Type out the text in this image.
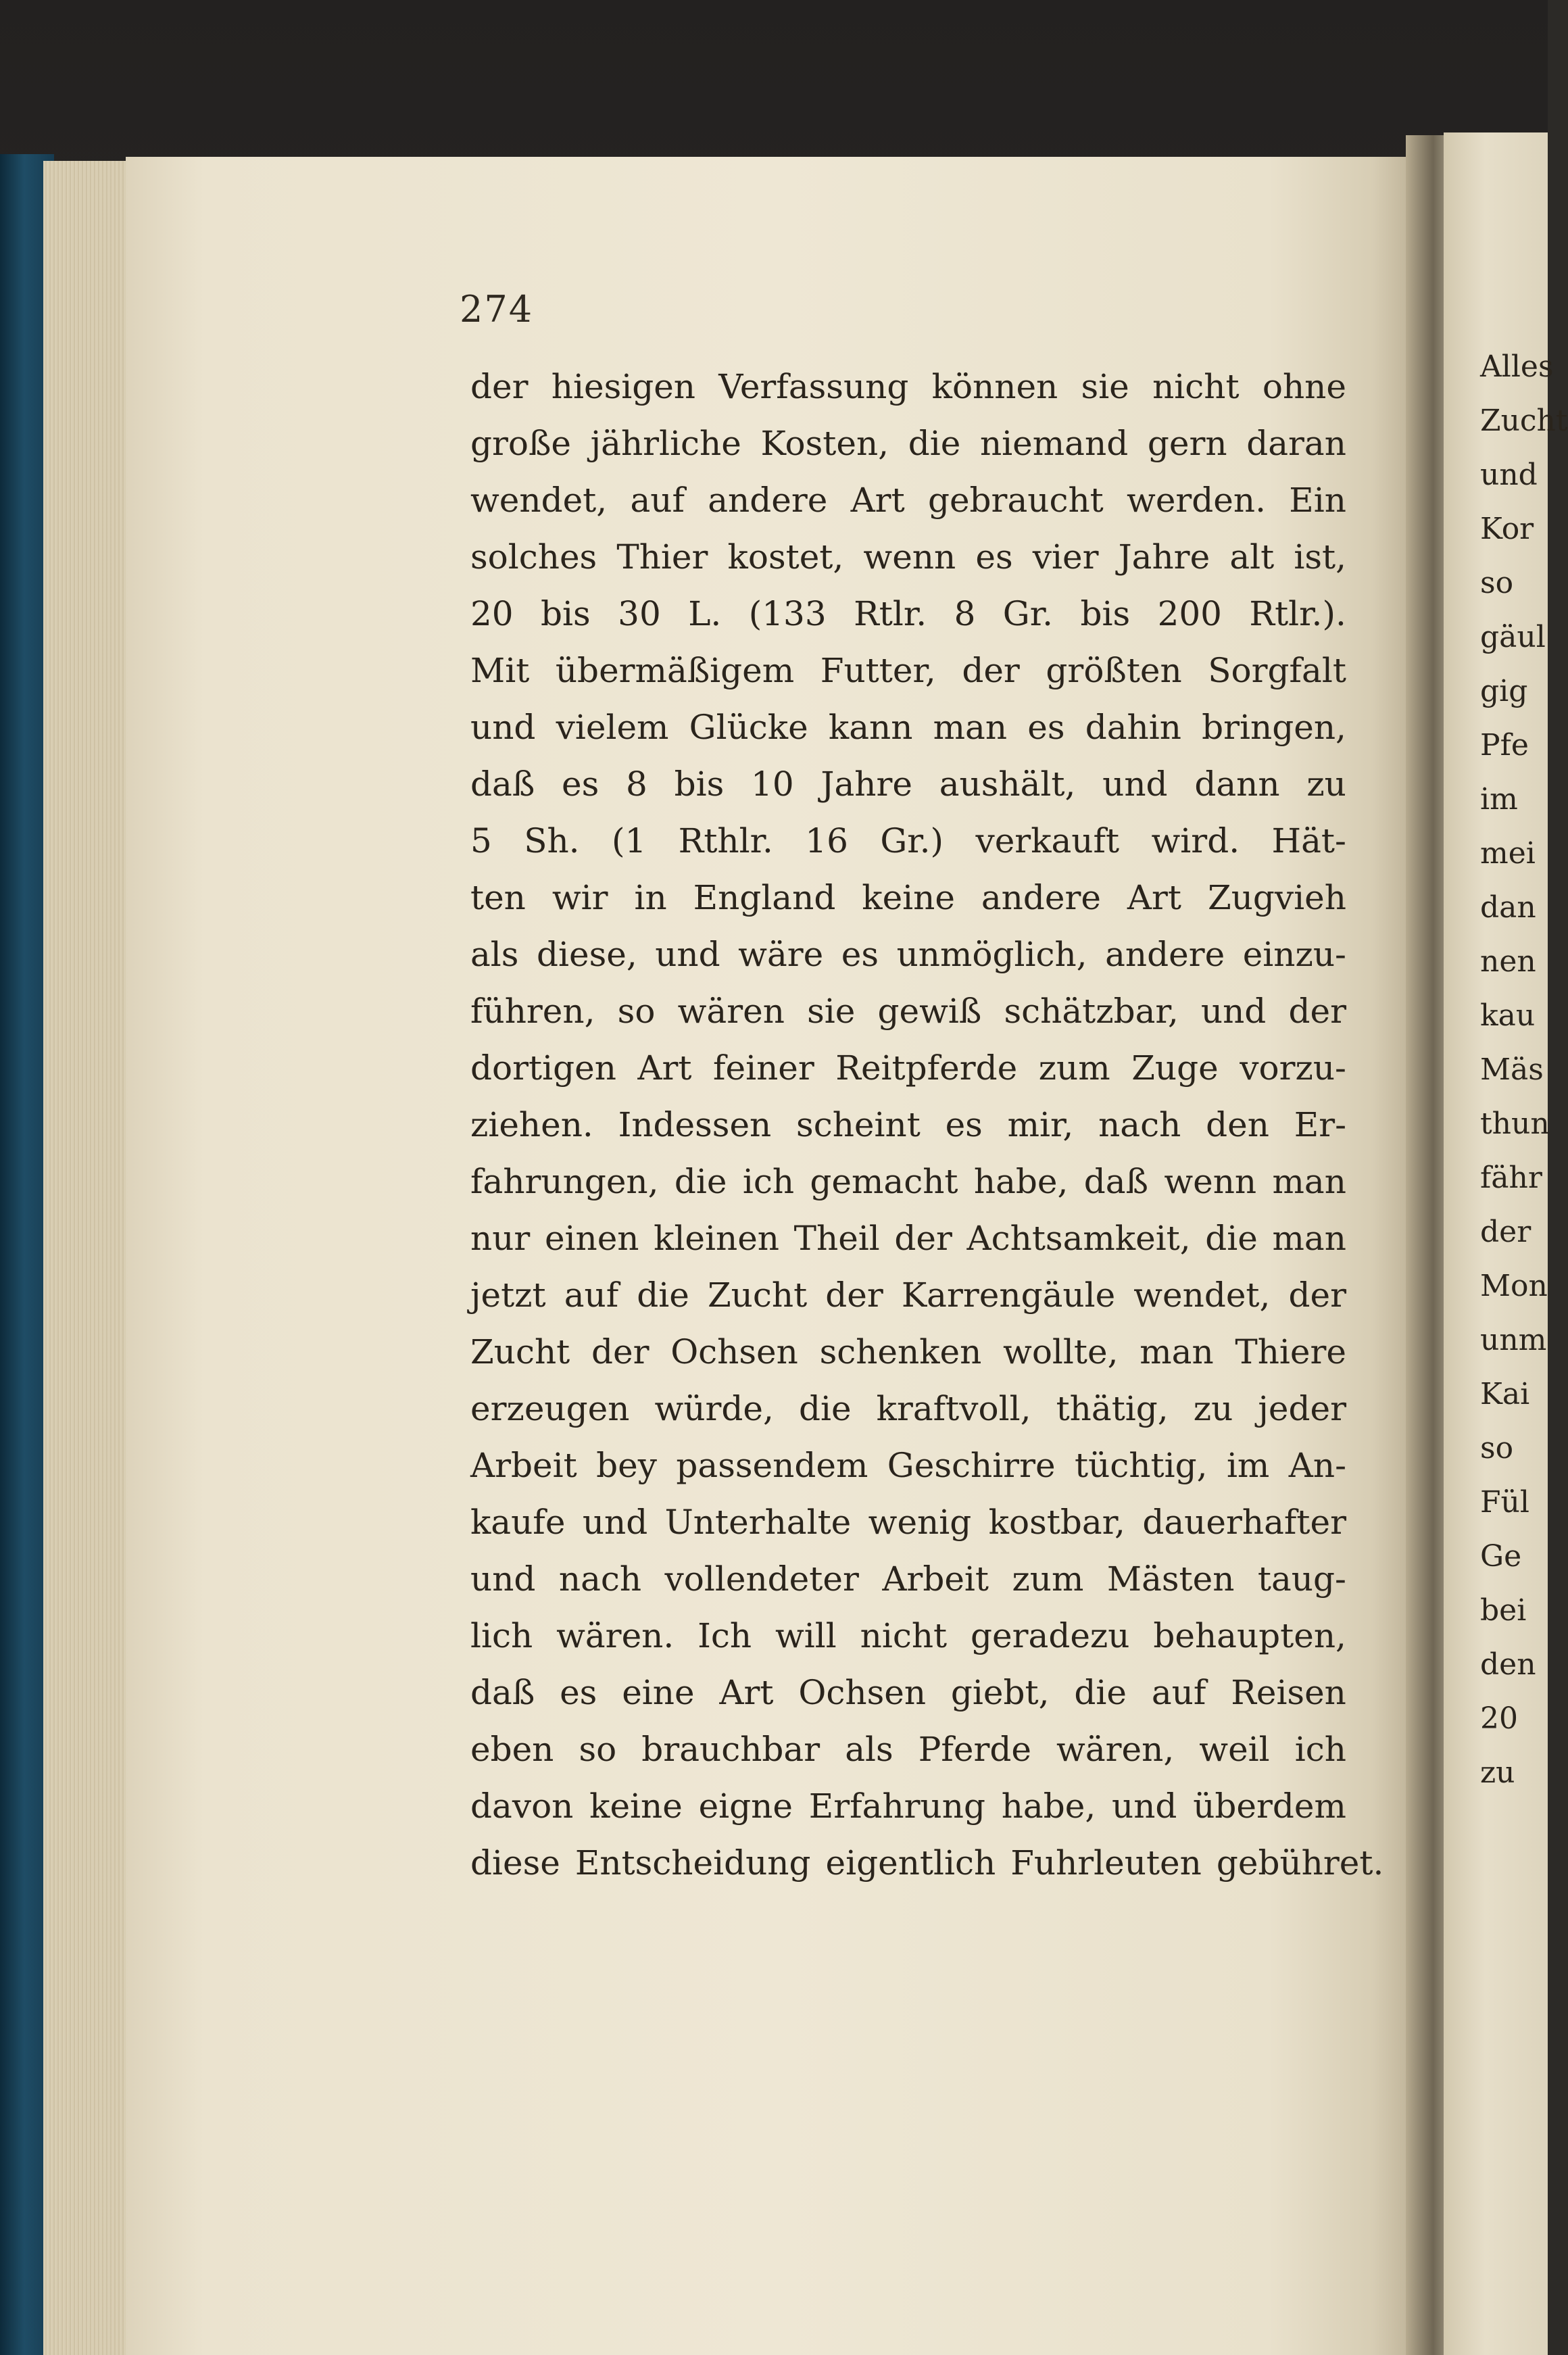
274
der hiesigen Verfassung können sie nicht ohne
große jährliche Kosten, die niemand gern daran
wendet, auf andere Art gebraucht werden. Ein
solches Thier kostet, wenn es vier Jahre alt ist,
20 bis 30 L. (133 Rtlr. 8 Gr. bis 200 Rtlr.).
Mit übermäßigem Futter, der größten Sorgfalt
und vielem Glücke kann man es dahin bringen,
daß es 8 bis 10 Jahre aushält, und dann zu
5 Sh. (1 Rthlr. 16 Gr.) verkauft wird. Hät-
ten wir in England keine andere Art Zugvieh
als diese, und wäre es unmöglich, andere einzu-
führen, so wären sie gewiß schätzbar, und der
dortigen Art feiner Reitpferde zum Zuge vorzu-
ziehen. Indessen scheint es mir, nach den Er-
fahrungen, die ich gemacht habe, daß wenn man
nur einen kleinen Theil der Achtsamkeit, die man
jetzt auf die Zucht der Karrengäule wendet, der
Zucht der Ochsen schenken wollte, man Thiere
erzeugen würde, die kraftvoll, thätig, zu jeder
Arbeit bey passendem Geschirre tüchtig, im An-
kaufe und Unterhalte wenig kostbar, dauerhafter
und nach vollendeter Arbeit zum Mästen taug-
lich wären. Ich will nicht geradezu behaupten,
daß es eine Art Ochsen giebt, die auf Reisen
eben so brauchbar als Pferde wären, weil ich
davon keine eigne Erfahrung habe, und überdem
diese Entscheidung eigentlich Fuhrleuten gebühret.
Alles
Zucht
und
Kor
so
gäul
gig
Pfe
im
mei
dan
nen
kau
Mäs
thun
fähr
der
Mon
unm
Kai
so
Fül
Ge
bei
den
20
zu
